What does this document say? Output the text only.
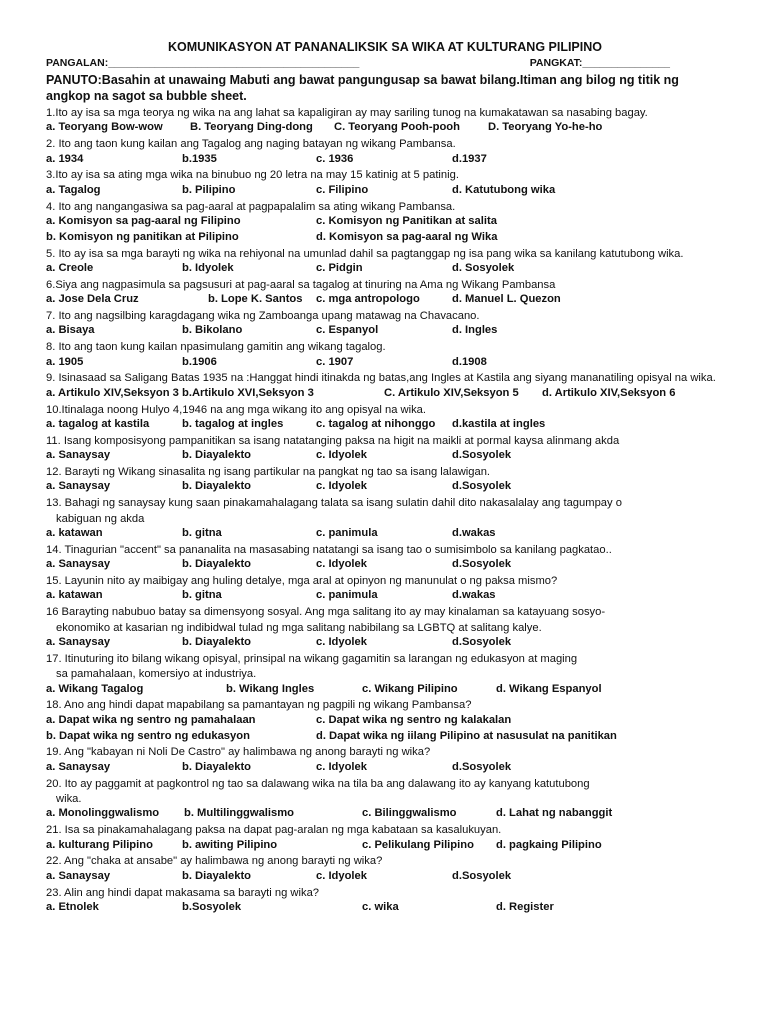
KOMUNIKASYON AT PANANALIKSIK SA WIKA AT KULTURANG PILIPINO
PANGALAN:___________________________________________	PANGKAT:_______________
PANUTO:Basahin at unawaing Mabuti ang bawat pangungusap sa bawat bilang.Itiman ang bilog ng titik ng angkop na sagot sa bubble sheet.
1.Ito ay isa sa mga teorya ng wika na ang lahat sa kapaligiran ay may sariling tunog na kumakatawan sa nasabing bagay.
a. Teoryang Bow-wow B. Teoryang Ding-dong C. Teoryang Pooh-pooh	D. Teoryang Yo-he-ho
2. Ito ang taon kung kailan ang Tagalog ang naging batayan ng wikang Pambansa.
a. 1934	b.1935	c. 1936	d.1937
3.Ito ay isa sa ating mga wika na binubuo ng 20 letra na may 15 katinig at 5 patinig.
a. Tagalog	b. Pilipino	c. Filipino	d. Katutubong wika
4. Ito ang nangangasiwa sa pag-aaral at pagpapalalim sa ating wikang Pambansa.
a. Komisyon sa pag-aaral ng Filipino	c. Komisyon ng Panitikan at salita
b. Komisyon ng panitikan at Pilipino	d. Komisyon sa pag-aaral ng Wika
5. Ito ay isa sa mga barayti ng wika na rehiyonal na umunlad dahil sa pagtanggap ng isa pang wika sa kanilang katutubong wika.
a. Creole	b. Idyolek	c. Pidgin	d. Sosyolek
6.Siya ang nagpasimula sa pagsusuri at pag-aaral sa tagalog at tinuring na Ama ng Wikang Pambansa
a. Jose Dela Cruz	b. Lope K. Santos c. mga antropologo	d. Manuel L. Quezon
7. Ito ang nagsilbing karagdagang wika ng Zamboanga upang matawag na Chavacano.
a. Bisaya	b. Bikolano	c. Espanyol	d. Ingles
8. Ito ang taon kung kailan npasimulang gamitin ang wikang tagalog.
a. 1905	b.1906	c. 1907	d.1908
9. Isinasaad sa Saligang Batas 1935 na :Hanggat hindi itinakda ng batas,ang Ingles at Kastila ang siyang mananatiling opisyal na wika.
a. Artikulo XIV,Seksyon 3 b.Artikulo XVI,Seksyon 3	C. Artikulo XIV,Seksyon 5 d. Artikulo XIV,Seksyon 6
10.Itinalaga noong Hulyo 4,1946 na ang mga wikang ito ang opisyal na wika.
a. tagalog at kastila	b. tagalog at ingles	c. tagalog at nihonggo d.kastila at ingles
11. Isang komposisyong pampanitikan sa isang natatanging paksa na higit na maikli at pormal kaysa alinmang akda
a. Sanaysay	b. Diayalekto	c. Idyolek	d.Sosyolek
12. Barayti ng Wikang sinasalita ng isang partikular na pangkat ng tao sa isang lalawigan.
a. Sanaysay	b. Diayalekto	c. Idyolek	d.Sosyolek
13. Bahagi ng sanaysay kung saan pinakamahalagang talata sa isang sulatin dahil dito nakasalalay ang tagumpay o
kabiguan ng akda
a. katawan	b. gitna	c. panimula	d.wakas
14. Tinagurian "accent" sa pananalita na masasabing natatangi sa isang tao o sumisimbolo sa kanilang pagkatao..
a. Sanaysay	b. Diayalekto	c. Idyolek	d.Sosyolek
15. Layunin nito ay maibigay ang huling detalye, mga aral at opinyon ng manunulat o ng paksa mismo?
a. katawan	b. gitna	c. panimula	d.wakas
16 Barayting nabubuo batay sa dimensyong sosyal. Ang mga salitang ito ay may kinalaman sa katayuang sosyo-
ekonomiko at kasarian ng indibidwal tulad ng mga salitang nabibilang sa LGBTQ at salitang kalye.
a. Sanaysay	b. Diayalekto	c. Idyolek	d.Sosyolek
17. Itinuturing ito bilang wikang opisyal, prinsipal na wikang gagamitin sa larangan ng edukasyon at maging
sa pamahalaan, komersiyo at industriya.
a. Wikang Tagalog	b. Wikang Ingles	c. Wikang Pilipino	d. Wikang Espanyol
18. Ano ang hindi dapat mapabilang sa pamantayan ng pagpili ng wikang Pambansa?
a. Dapat wika ng sentro ng pamahalaan	c. Dapat wika ng sentro ng kalakalan
b. Dapat wika ng sentro ng edukasyon	d. Dapat wika ng iilang Pilipino at nasusulat na panitikan
19. Ang "kabayan ni Noli De Castro" ay halimbawa ng anong barayti ng wika?
a. Sanaysay	b. Diayalekto	c. Idyolek	d.Sosyolek
20. Ito ay paggamit at pagkontrol ng tao sa dalawang wika na tila ba ang dalawang ito ay kanyang katutubong
wika.
a. Monolinggwalismo b. Multilinggwalismo	c. Bilinggwalismo	d. Lahat ng nabanggit
21. Isa sa pinakamahalagang paksa na dapat pag-aralan ng mga kabataan sa kasalukuyan.
a. kulturang Pilipino	b. awiting Pilipino	c. Pelikulang Pilipino d. pagkaing Pilipino
22. Ang "chaka at ansabe" ay halimbawa ng anong barayti ng wika?
a. Sanaysay	b. Diayalekto	c. Idyolek	d.Sosyolek
23. Alin ang hindi dapat makasama sa barayti ng wika?
a. Etnolek	b.Sosyolek	c. wika	d. Register
